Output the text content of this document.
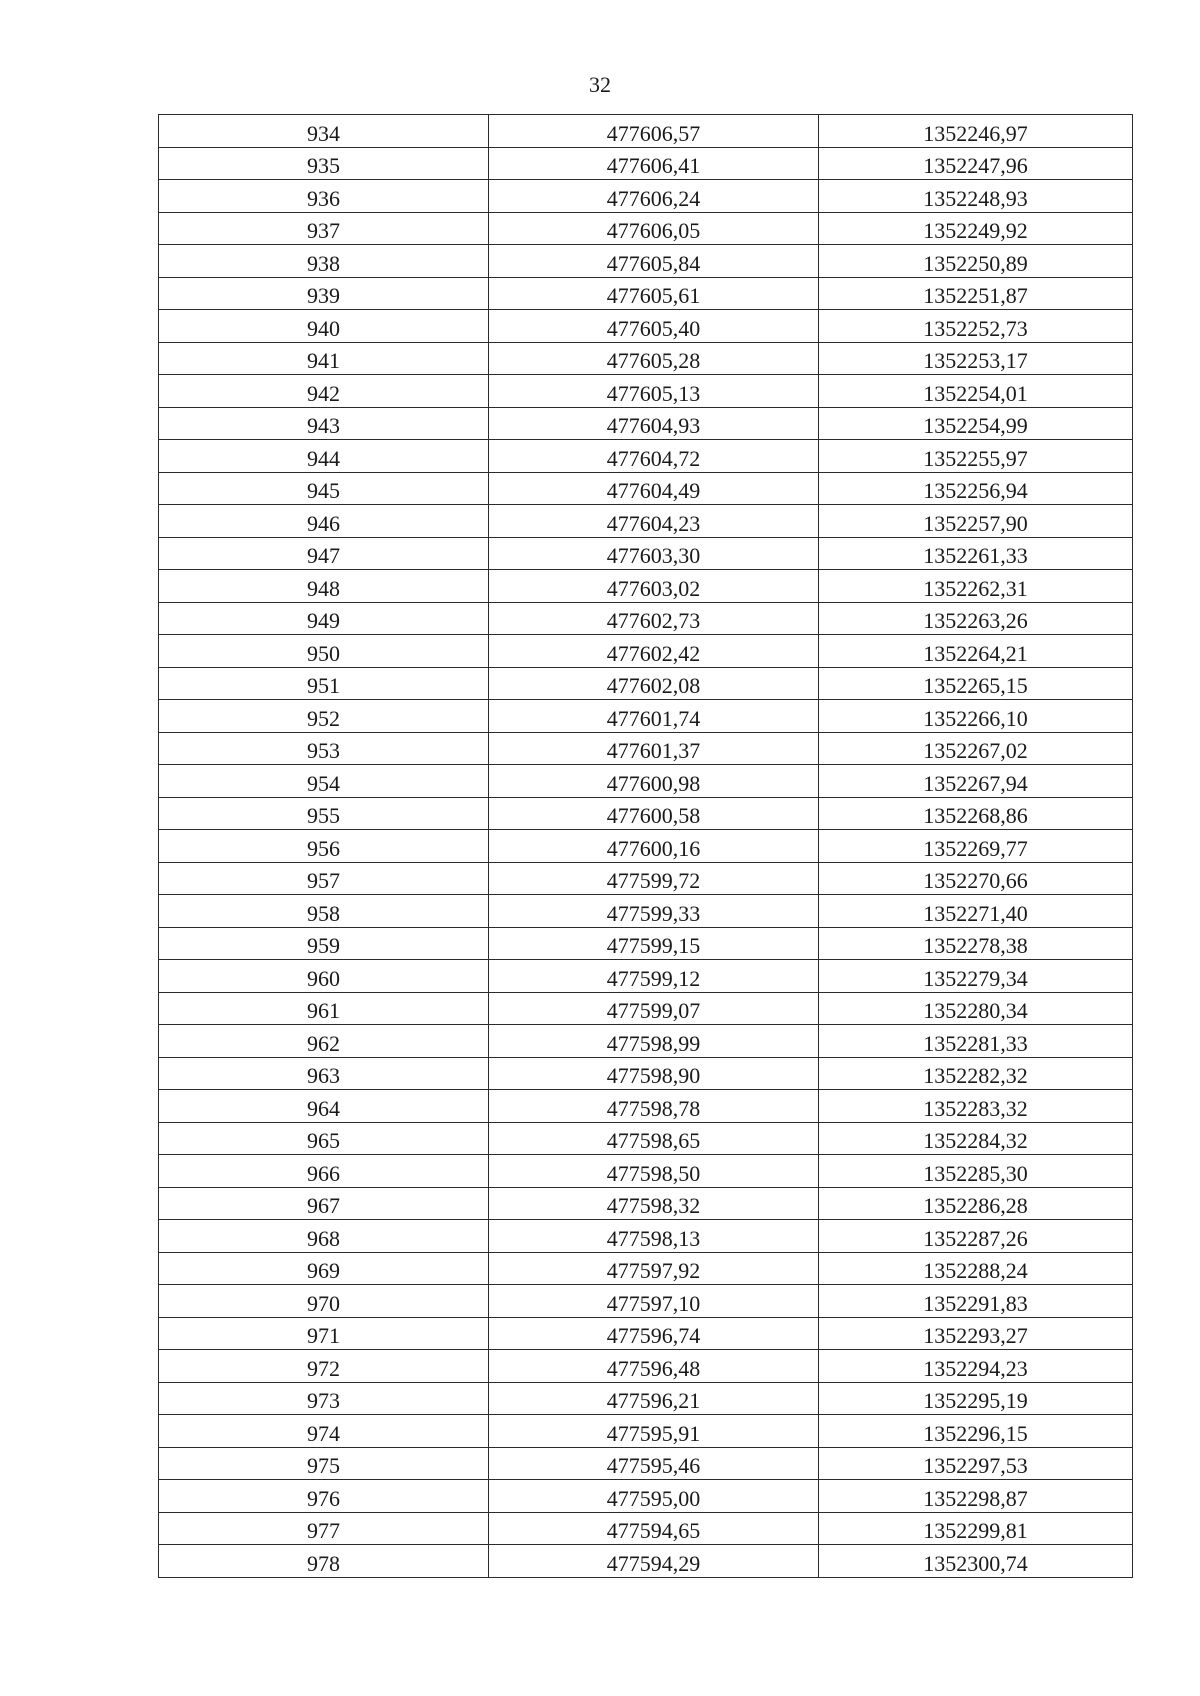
32
934	477606,57	1352246,97
935	477606,41	1352247,96
936	477606,24	1352248,93
937	477606,05	1352249,92
938	477605,84	1352250,89
939	477605,61	1352251,87
940	477605,40	1352252,73
941	477605,28	1352253,17
942	477605,13	1352254,01
943	477604,93	1352254,99
944	477604,72	1352255,97
945	477604,49	1352256,94
946	477604,23	1352257,90
947	477603,30	1352261,33
948	477603,02	1352262,31
949	477602,73	1352263,26
950	477602,42	1352264,21
951	477602,08	1352265,15
952	477601,74	1352266,10
953	477601,37	1352267,02
954	477600,98	1352267,94
955	477600,58	1352268,86
956	477600,16	1352269,77
957	477599,72	1352270,66
958	477599,33	1352271,40
959	477599,15	1352278,38
960	477599,12	1352279,34
961	477599,07	1352280,34
962	477598,99	1352281,33
963	477598,90	1352282,32
964	477598,78	1352283,32
965	477598,65	1352284,32
966	477598,50	1352285,30
967	477598,32	1352286,28
968	477598,13	1352287,26
969	477597,92	1352288,24
970	477597,10	1352291,83
971	477596,74	1352293,27
972	477596,48	1352294,23
973	477596,21	1352295,19
974	477595,91	1352296,15
975	477595,46	1352297,53
976	477595,00	1352298,87
977	477594,65	1352299,81
978	477594,29	1352300,74
